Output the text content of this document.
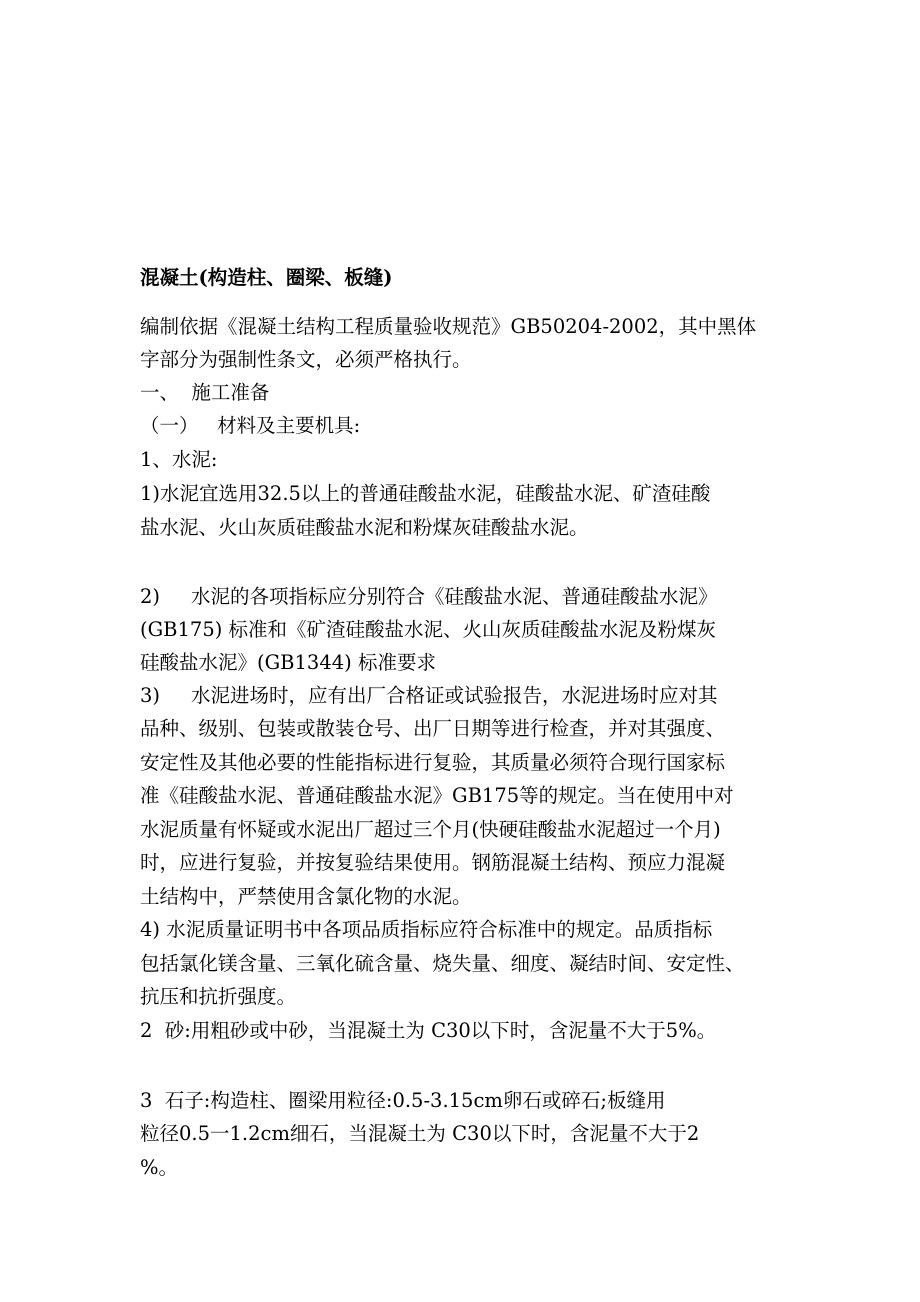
混凝土(构造柱、圈梁、板缝)
编制依据《混凝土结构工程质量验收规范》GB50204-2002，其中黑体
字部分为强制性条文，必须严格执行。
一、  施工准备
（一）   材料及主要机具:
1、水泥:
1)水泥宜选用32.5以上的普通硅酸盐水泥，硅酸盐水泥、矿渣硅酸
盐水泥、火山灰质硅酸盐水泥和粉煤灰硅酸盐水泥。
2)     水泥的各项指标应分别符合《硅酸盐水泥、普通硅酸盐水泥》
(GB175) 标准和《矿渣硅酸盐水泥、火山灰质硅酸盐水泥及粉煤灰
硅酸盐水泥》(GB1344) 标准要求
3)     水泥进场时，应有出厂合格证或试验报告，水泥进场时应对其
品种、级别、包装或散装仓号、出厂日期等进行检查，并对其强度、
安定性及其他必要的性能指标进行复验，其质量必须符合现行国家标
准《硅酸盐水泥、普通硅酸盐水泥》GB175等的规定。当在使用中对
水泥质量有怀疑或水泥出厂超过三个月(快硬硅酸盐水泥超过一个月)
时，应进行复验，并按复验结果使用。钢筋混凝土结构、预应力混凝
土结构中，严禁使用含氯化物的水泥。
4) 水泥质量证明书中各项品质指标应符合标准中的规定。品质指标
包括氯化镁含量、三氧化硫含量、烧失量、细度、凝结时间、安定性、
抗压和抗折强度。
2  砂:用粗砂或中砂，当混凝土为 C30以下时，含泥量不大于5%。
3  石子:构造柱、圈梁用粒径:0.5-3.15cm卵石或碎石;板缝用
粒径0.5一1.2cm细石，当混凝土为 C30以下时，含泥量不大于2
%。
